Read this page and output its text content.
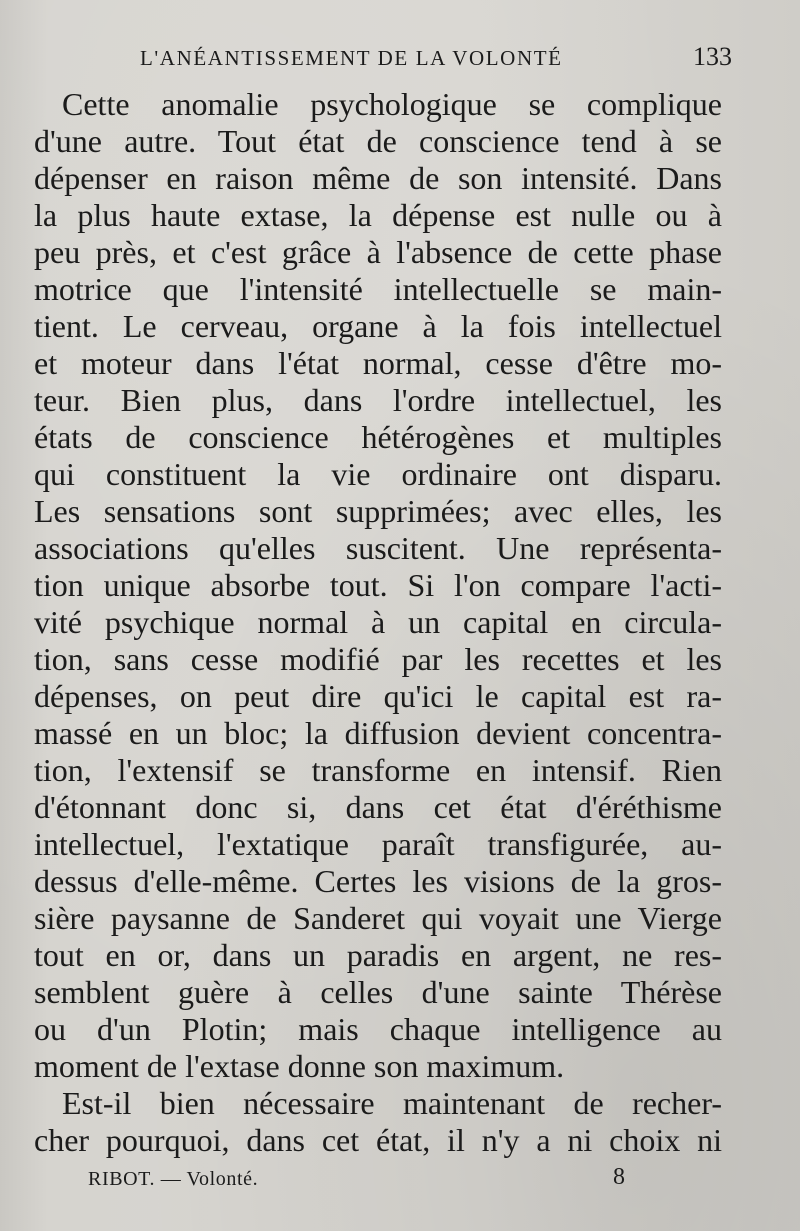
L'ANÉANTISSEMENT DE LA VOLONTÉ	133
Cette anomalie psychologique se complique
d'une autre. Tout état de conscience tend à se
dépenser en raison même de son intensité. Dans
la plus haute extase, la dépense est nulle ou à
peu près, et c'est grâce à l'absence de cette phase
motrice que l'intensité intellectuelle se main-
tient. Le cerveau, organe à la fois intellectuel
et moteur dans l'état normal, cesse d'être mo-
teur. Bien plus, dans l'ordre intellectuel, les
états de conscience hétérogènes et multiples
qui constituent la vie ordinaire ont disparu.
Les sensations sont supprimées; avec elles, les
associations qu'elles suscitent. Une représenta-
tion unique absorbe tout. Si l'on compare l'acti-
vité psychique normal à un capital en circula-
tion, sans cesse modifié par les recettes et les
dépenses, on peut dire qu'ici le capital est ra-
massé en un bloc; la diffusion devient concentra-
tion, l'extensif se transforme en intensif. Rien
d'étonnant donc si, dans cet état d'éréthisme
intellectuel, l'extatique paraît transfigurée, au-
dessus d'elle-même. Certes les visions de la gros-
sière paysanne de Sanderet qui voyait une Vierge
tout en or, dans un paradis en argent, ne res-
semblent guère à celles d'une sainte Thérèse
ou d'un Plotin; mais chaque intelligence au
moment de l'extase donne son maximum.
Est-il bien nécessaire maintenant de recher-
cher pourquoi, dans cet état, il n'y a ni choix ni
RIBOT. — Volonté.	8
